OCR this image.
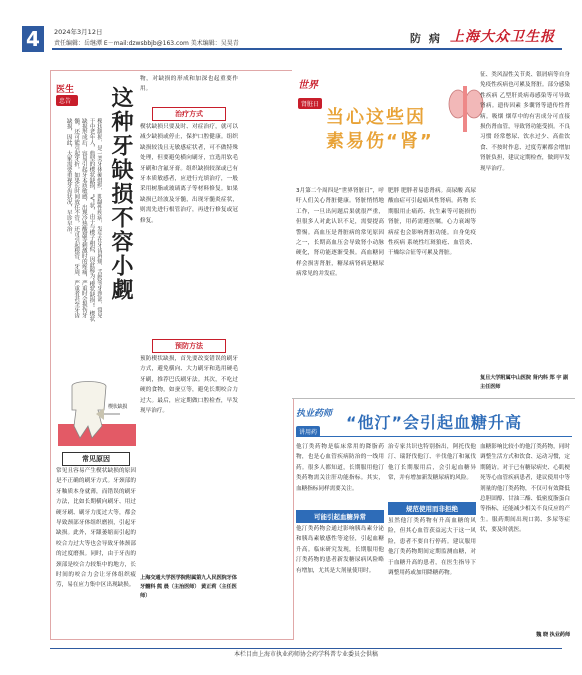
4	2024年3月12日
责任编辑：岳继潭 E－mail:dzwsbbjb@163.com 美术编辑：吴昊青	防 病 上海大众卫生报
医生
忠告
楔状缺损，是一类牙体硬组织，即龋性疾病，发生在牙齿唇颊、舌腭等牙颈部，常见于中老年人，典型的楔状缺损，“V”状，由于与楔子相似，因此称为“楔状缺损”。楔状缺损形成后，容易引起牙本质敏感，出现冷热酸甜等刺激时的疼痛，严重时会损伤牙髓，还可能引起牙折。如果长时间放任不管，还可引起根管、牙周、严重者甚至牙齿缺损，因此，大家需要重视牙齿状况，早诊早治。	这种牙缺损不容小觑
物，对缺损的形成和加深也起重要作用。
治疗方式
楔状缺损只要及时、对症治疗，就可以减少缺损或停止，保护口腔健康。组织缺损较浅且无敏感症状者，可不做特殊处理，但要避免横向刷牙，宜选用软毛牙刷和含氟牙膏。组织缺损较深或已有牙本质敏感者，应进行充填治疗，一般采用树脂或玻璃离子等材料修复。如果缺损已经波及牙髓，出现牙髓炎症状，则需先进行根管治疗，再进行修复或冠修复。
预防方法
预防楔状缺损，首先要改变错误的刷牙方式，避免横向、大力刷牙和选用硬毛牙刷，推荐巴氏刷牙法。其次，不吃过硬的食物，如蚕豆等，避免长期咬合力过大。最后，应定期做口腔检查，早发现早治疗。
楔状缺损
常见原因
常见且容易产生楔状缺损的原因是不正确的刷牙方式。牙颈部的牙釉质本身就薄，而错误的刷牙方法，比如长期横向刷牙、用过硬牙刷、刷牙力度过大等，都会导致颈部牙体组织磨损，引起牙缺损。此外，牙龈萎缩而引起的咬合力过大等也会导致牙体颈部的过度磨损。同时，由于牙齿的颈部是咬合力较集中的地方，长时间的咬合力会让牙体组织疲劳，易在应力集中区出现缺损。
上海交通大学医学院附属第九人民医院牙体牙髓科 熊 晨（主治医师） 黄正莉（主任医师）
世界
肾脏日
当心这些因素易伤“肾”
3月第二个周四是“世界肾脏日”，呼吁人们关心肾脏健康。肾脏悄悄地工作，一旦出问题后果就很严重，但很多人对此认识不足，需要提高警惕。高血压是肾脏病的常见原因之一，长期高血压会导致肾小动脉硬化，肾功能逐渐受损。高血糖同样会损害肾脏，糖尿病肾病是糖尿病常见的并发症。
肥胖 肥胖者易患肾病。高尿酸 高尿酸血症可引起痛风性肾病。药物 长期服用止痛药、抗生素等可能损伤肾脏，用药需遵医嘱。心力衰竭等病症也会影响肾脏功能。自身免疫性疾病 系统性红斑狼疮、血管炎、干燥综合征等可累及肾脏。
征、类风湿性关节炎、银屑病等自身免疫性疾病也可累及肾脏。部分感染性疾病 乙型肝炎病毒感染等可导致肾病。遗传因素 多囊肾等遗传性肾病。吸烟 烟草中的有害成分可直接损伤肾血管，导致肾功能受损。不良习惯 经常憋尿、饮水过少、高盐饮食、不按时作息、过度劳累都会增加肾脏负担，建议定期检查，做到早发现早治疗。
复旦大学附属中山医院 肾内科 郑 宇 副主任医师
执业药师
讲用药
“他汀”会引起血糖升高
他汀类药物是临床常用的降脂药物，也是心血管疾病防治的一线用药。很多人都知道，长期服用他汀类药物需关注肝功能指标。其实，血糖指标同样需要关注。
可能引起血糖异常
他汀类药物会通过影响胰岛素分泌和胰岛素敏感性等途径，引起血糖升高。临床研究发现，长期服用他汀类药物的患者新发糖尿病风险略有增加，尤其是大剂量使用时。
治专家共识也特别指出，阿托伐他汀、瑞舒伐他汀、辛伐他汀和氟伐他汀长期服用后，会引起血糖异常，并有增加新发糖尿病的风险。
规范使用而非拒绝
虽然他汀类药物有升高血糖的风险，但其心血管获益远大于这一风险，患者不要自行停药。建议服用他汀类药物期间定期监测血糖，对于血糖升高的患者，在医生指导下调整用药或加用降糖药物。
血糖影响比较小的他汀类药物，同时调整生活方式和饮食、运动习惯，定期随访。对于已有糖尿病史、心肌梗死等心血管疾病患者，建议使用中等剂量的他汀类药物，不仅可有效降低总胆固醇、甘油三酯、低密度脂蛋白等指标，还能减少相关不良反应的产生。服药期间出现口渴、多尿等症状，要及时就医。
魏 晓 执业药师
本栏目由上海市执业药师协会药学科普专业委员会供稿
